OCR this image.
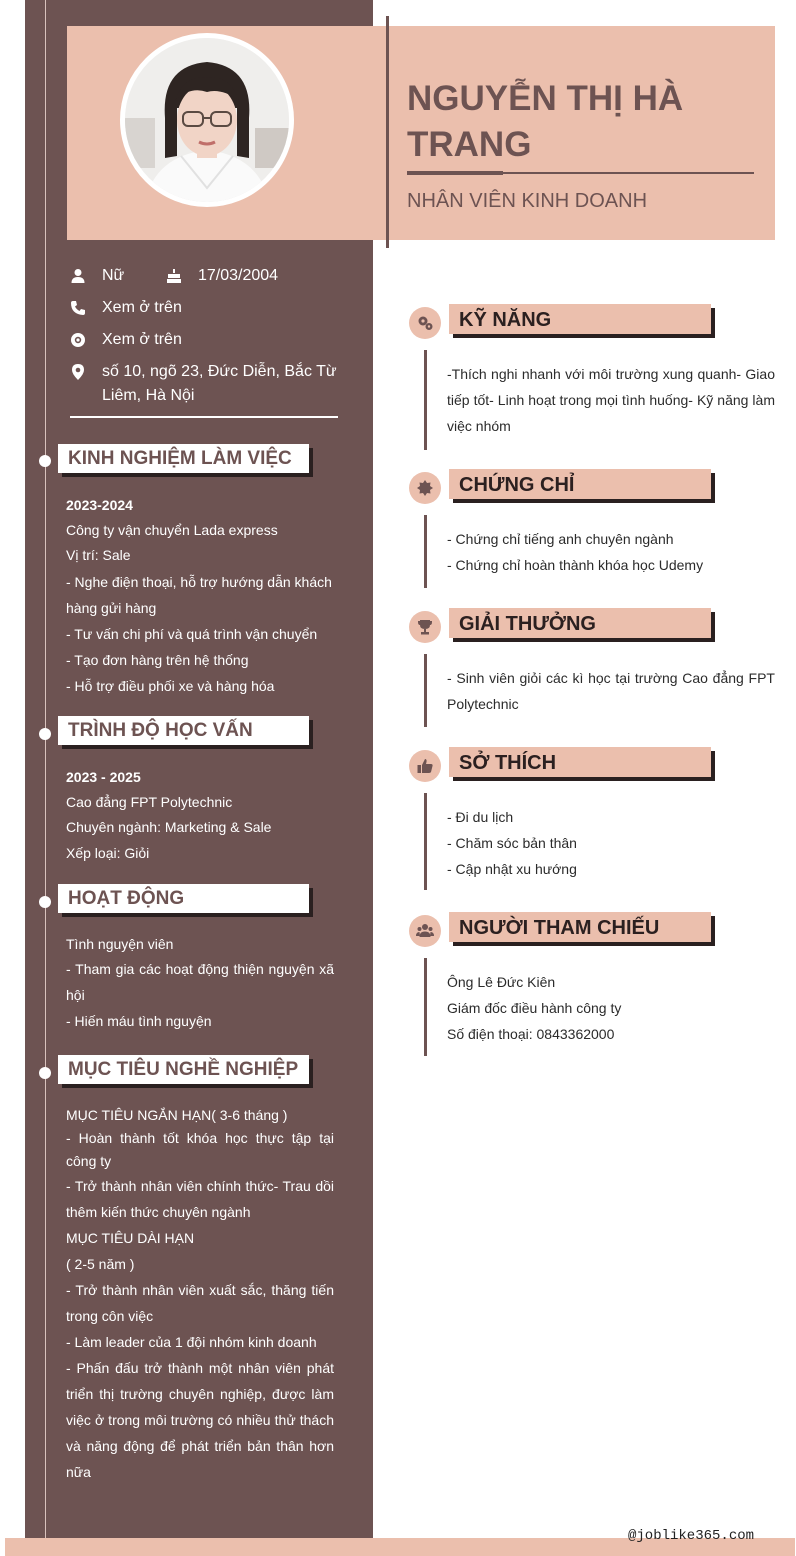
NGUYỄN THỊ HÀ TRANG
NHÂN VIÊN KINH DOANH
Nữ	17/03/2004
Xem ở trên
Xem ở trên
số 10, ngõ 23, Đức Diễn, Bắc Từ Liêm, Hà Nội
KINH NGHIỆM LÀM VIỆC
2023-2024
Công ty vận chuyển Lada express
Vị trí: Sale
- Nghe điện thoại, hỗ trợ hướng dẫn khách hàng gửi hàng
- Tư vấn chi phí và quá trình vận chuyển
- Tạo đơn hàng trên hệ thống
- Hỗ trợ điều phối xe và hàng hóa
TRÌNH ĐỘ HỌC VẤN
2023 - 2025
Cao đẳng FPT Polytechnic
Chuyên ngành: Marketing & Sale
Xếp loại: Giỏi
HOẠT ĐỘNG
Tình nguyện viên
- Tham gia các hoạt động thiện nguyện xã hội
- Hiến máu tình nguyện
MỤC TIÊU NGHỀ NGHIỆP
MỤC TIÊU NGẮN HẠN( 3-6 tháng )
- Hoàn thành tốt khóa học thực tập tại công ty
- Trở thành nhân viên chính thức- Trau dồi thêm kiến thức chuyên ngành
MỤC TIÊU DÀI HẠN
( 2-5 năm )
- Trở thành nhân viên xuất sắc, thăng tiến trong côn việc
- Làm leader của 1 đội nhóm kinh doanh
- Phấn đấu trở thành một nhân viên phát triển thị trường chuyên nghiệp, được làm việc ở trong môi trường có nhiều thử thách và năng động để phát triển bản thân hơn nữa
KỸ NĂNG
-Thích nghi nhanh với môi trường xung quanh- Giao tiếp tốt- Linh hoạt trong mọi tình huống- Kỹ năng làm việc nhóm
CHỨNG CHỈ
- Chứng chỉ tiếng anh chuyên ngành
- Chứng chỉ hoàn thành khóa học Udemy
GIẢI THƯỞNG
- Sinh viên giỏi các kì học tại trường Cao đẳng FPT Polytechnic
SỞ THÍCH
- Đi du lịch
- Chăm sóc bản thân
- Cập nhật xu hướng
NGƯỜI THAM CHIẾU
Ông Lê Đức Kiên
Giám đốc điều hành công ty
Số điện thoại: 0843362000
@joblike365.com
